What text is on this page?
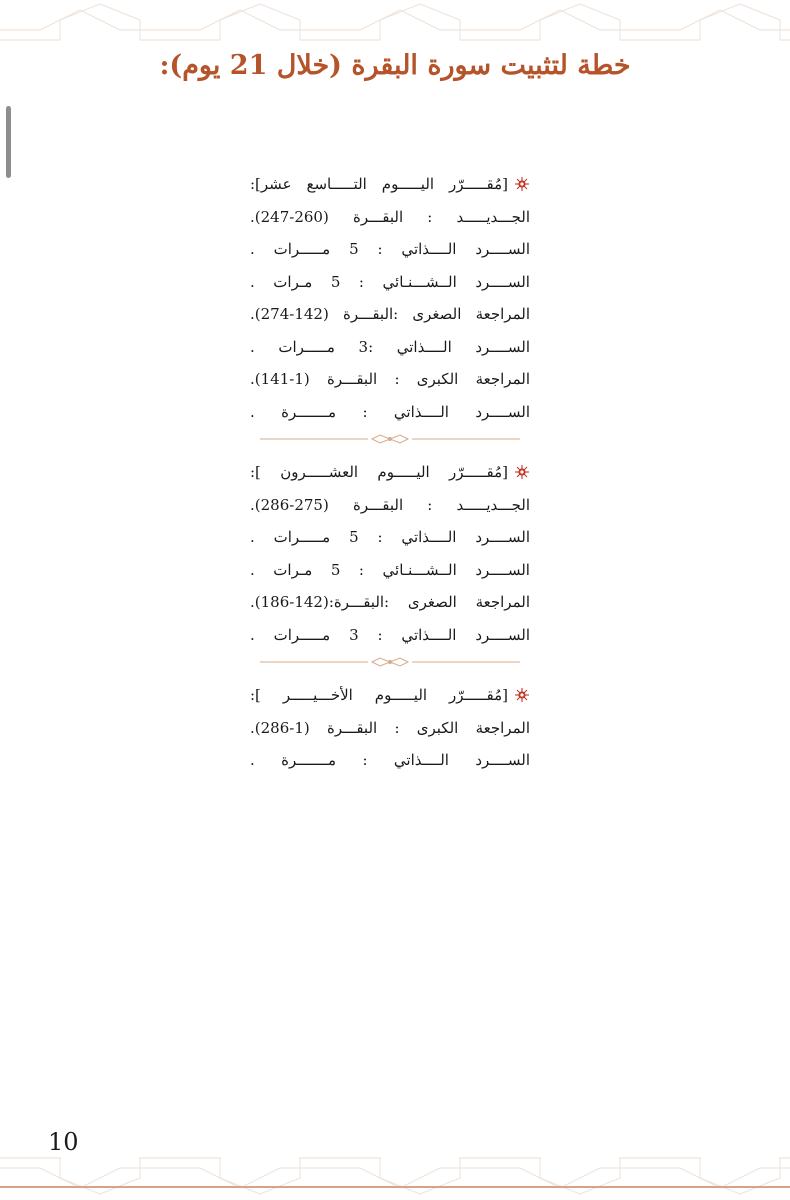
خطة لتثبيت سورة البقرة (خلال 21 يوم):
[مُقـــــرّر اليـــــوم التـــــاسع عشر]:
الجـــديـــــد : البقـــرة (260-247).
الســــرد الــــذاتي : 5 مـــــرات .
الســــرد الــشـــنـائي : 5 مـرات .
المراجعة الصغرى :البقـــرة (142-274).
الســــرد الــــذاتي :3 مـــــرات .
المراجعة الكبرى : البقـــرة (1-141).
الســــرد الــــذاتي : مـــــــرة .
[مُقـــــرّر اليـــــوم العشـــــرون ]:
الجـــديـــــد : البقـــرة (275-286).
الســــرد الــــذاتي : 5 مـــــرات .
الســــرد الــشـــنـائي : 5 مـرات .
المراجعة الصغرى :البقـــرة:(142-186).
الســــرد الــــذاتي : 3 مـــــرات .
[مُقـــــرّر اليـــــوم الأخـــيـــــر ]:
المراجعة الكبرى : البقـــرة (1-286).
الســــرد الــــذاتي : مـــــــرة .
10
